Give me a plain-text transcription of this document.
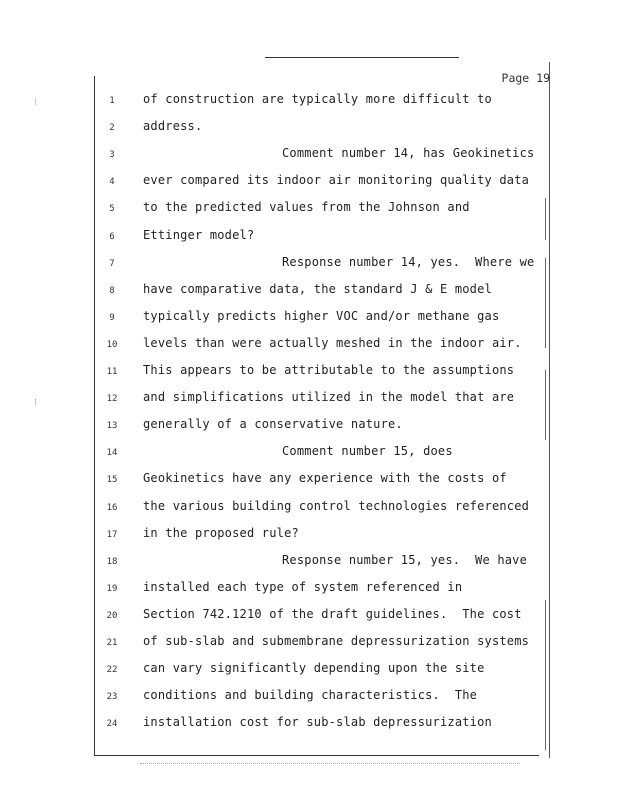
⁝
⁝
Page 19
1	of construction are typically more difficult to
2	address.
3	Comment number 14, has Geokinetics
4	ever compared its indoor air monitoring quality data
5	to the predicted values from the Johnson and
6	Ettinger model?
7	Response number 14, yes.  Where we
8	have comparative data, the standard J & E model
9	typically predicts higher VOC and/or methane gas
10	levels than were actually meshed in the indoor air.
11	This appears to be attributable to the assumptions
12	and simplifications utilized in the model that are
13	generally of a conservative nature.
14	Comment number 15, does
15	Geokinetics have any experience with the costs of
16	the various building control technologies referenced
17	in the proposed rule?
18	Response number 15, yes.  We have
19	installed each type of system referenced in
20	Section 742.1210 of the draft guidelines.  The cost
21	of sub-slab and submembrane depressurization systems
22	can vary significantly depending upon the site
23	conditions and building characteristics.  The
24	installation cost for sub-slab depressurization
